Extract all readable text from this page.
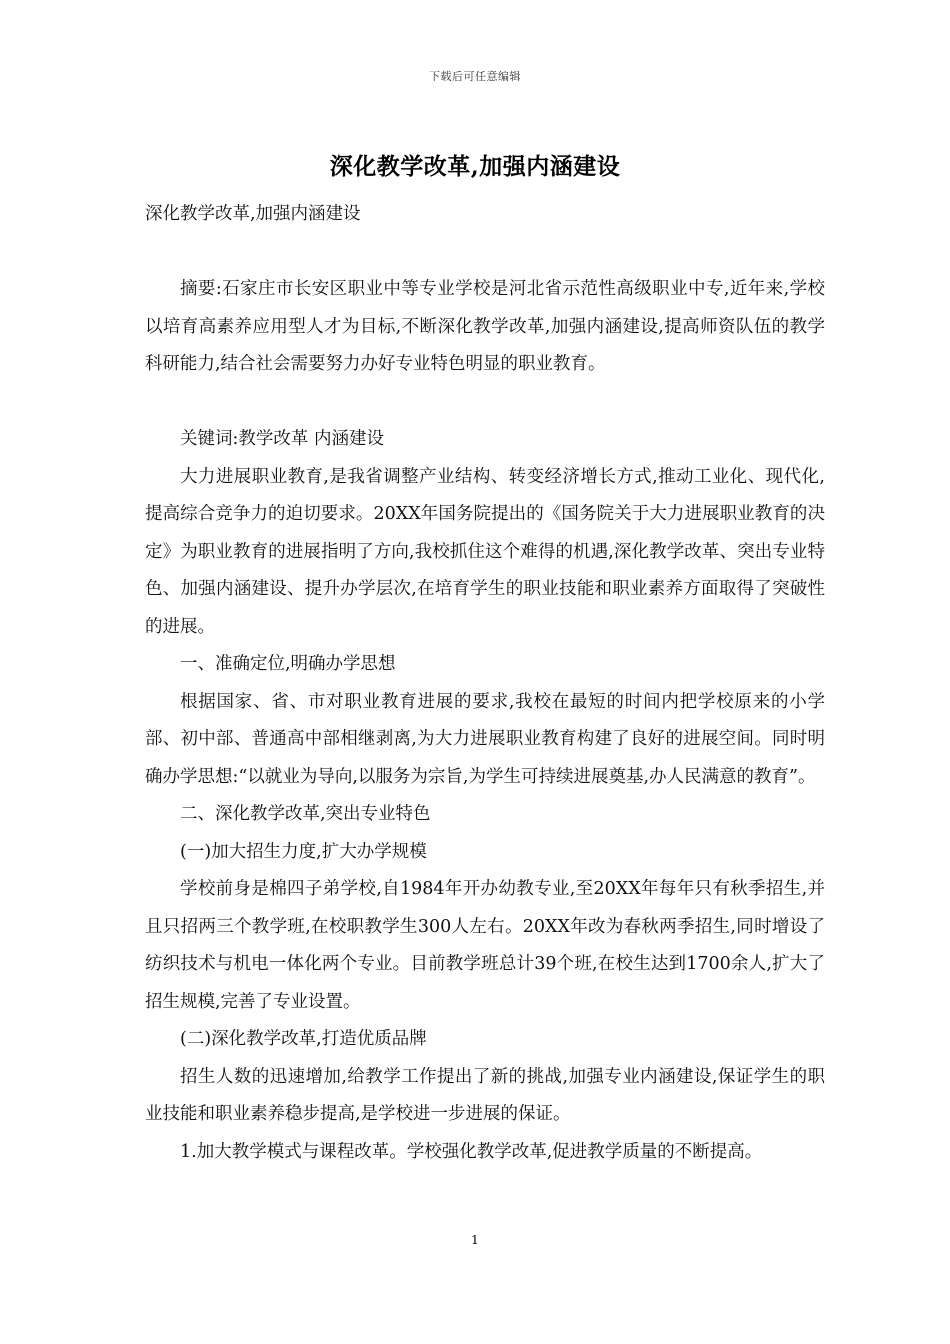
下载后可任意编辑
深化教学改革,加强内涵建设

深化教学改革,加强内涵建设

摘要:石家庄市长安区职业中等专业学校是河北省示范性高级职业中专,近年来,学校以培育高素养应用型人才为目标,不断深化教学改革,加强内涵建设,提高师资队伍的教学科研能力,结合社会需要努力办好专业特色明显的职业教育。

关键词:教学改革 内涵建设

大力进展职业教育,是我省调整产业结构、转变经济增长方式,推动工业化、现代化,提高综合竞争力的迫切要求。20XX年国务院提出的《国务院关于大力进展职业教育的决定》为职业教育的进展指明了方向,我校抓住这个难得的机遇,深化教学改革、突出专业特色、加强内涵建设、提升办学层次,在培育学生的职业技能和职业素养方面取得了突破性的进展。

一、准确定位,明确办学思想

根据国家、省、市对职业教育进展的要求,我校在最短的时间内把学校原来的小学部、初中部、普通高中部相继剥离,为大力进展职业教育构建了良好的进展空间。同时明确办学思想:“以就业为导向,以服务为宗旨,为学生可持续进展奠基,办人民满意的教育”。

二、深化教学改革,突出专业特色

(一)加大招生力度,扩大办学规模

学校前身是棉四子弟学校,自1984年开办幼教专业,至20XX年每年只有秋季招生,并且只招两三个教学班,在校职教学生300人左右。20XX年改为春秋两季招生,同时增设了纺织技术与机电一体化两个专业。目前教学班总计39个班,在校生达到1700余人,扩大了招生规模,完善了专业设置。

(二)深化教学改革,打造优质品牌

招生人数的迅速增加,给教学工作提出了新的挑战,加强专业内涵建设,保证学生的职业技能和职业素养稳步提高,是学校进一步进展的保证。

1.加大教学模式与课程改革。学校强化教学改革,促进教学质量的不断提高。

1
